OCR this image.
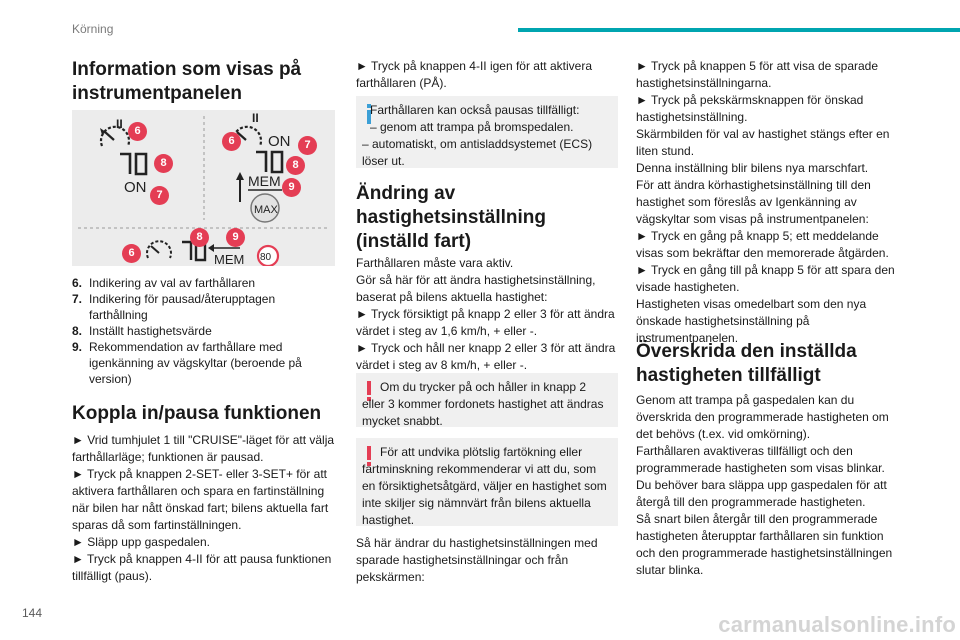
Körning
Information som visas på instrumentpanelen
II
ON
II
ON
MEM
MAX
MEM 80
6
8
7
6	7
8
9
8	9
6
6. Indikering av val av farthållaren
7. Indikering för pausad/återupptagen farthållning
8. Inställt hastighetsvärde
9. Rekommendation av farthållare med igenkänning av vägskyltar (beroende på version)
Koppla in/pausa funktionen
► Vrid tumhjulet 1 till "CRUISE"-läget för att välja farthållarläge; funktionen är pausad.
► Tryck på knappen 2-SET- eller 3-SET+ för att aktivera farthållaren och spara en fartinställning när bilen har nått önskad fart; bilens aktuella fart sparas då som fartinställningen.
► Släpp upp gaspedalen.
► Tryck på knappen 4-II för att pausa funktionen tillfälligt (paus).
► Tryck på knappen 4-II igen för att aktivera farthållaren (PÅ).
Farthållaren kan också pausas tillfälligt:
– genom att trampa på bromspedalen.
– automatiskt, om antisladdsystemet (ECS) löser ut.
Ändring av hastighetsinställning (inställd fart)
Farthållaren måste vara aktiv.
Gör så här för att ändra hastighetsinställning, baserat på bilens aktuella hastighet:
► Tryck försiktigt på knapp 2 eller 3 för att ändra värdet i steg av 1,6 km/h, + eller -.
► Tryck och håll ner knapp 2 eller 3 för att ändra värdet i steg av 8 km/h, + eller -.
Om du trycker på och håller in knapp 2 eller 3 kommer fordonets hastighet att ändras mycket snabbt.
För att undvika plötslig fartökning eller fartminskning rekommenderar vi att du, som en försiktighetsåtgärd, väljer en hastighet som inte skiljer sig nämnvärt från bilens aktuella hastighet.
Så här ändrar du hastighetsinställningen med sparade hastighetsinställningar och från pekskärmen:
► Tryck på knappen 5 för att visa de sparade hastighetsinställningarna.
► Tryck på pekskärmsknappen för önskad hastighetsinställning.
Skärmbilden för val av hastighet stängs efter en liten stund.
Denna inställning blir bilens nya marschfart.
För att ändra körhastighetsinställning till den hastighet som föreslås av Igenkänning av vägskyltar som visas på instrumentpanelen:
► Tryck en gång på knapp 5; ett meddelande visas som bekräftar den memorerade åtgärden.
► Tryck en gång till på knapp 5 för att spara den visade hastigheten.
Hastigheten visas omedelbart som den nya önskade hastighetsinställning på instrumentpanelen.
Överskrida den inställda hastigheten tillfälligt
Genom att trampa på gaspedalen kan du överskrida den programmerade hastigheten om det behövs (t.ex. vid omkörning).
Farthållaren avaktiveras tillfälligt och den programmerade hastigheten som visas blinkar.
Du behöver bara släppa upp gaspedalen för att återgå till den programmerade hastigheten.
Så snart bilen återgår till den programmerade hastigheten återupptar farthållaren sin funktion och den programmerade hastighetsinställningen slutar blinka.
144	carmanualsonline.info
